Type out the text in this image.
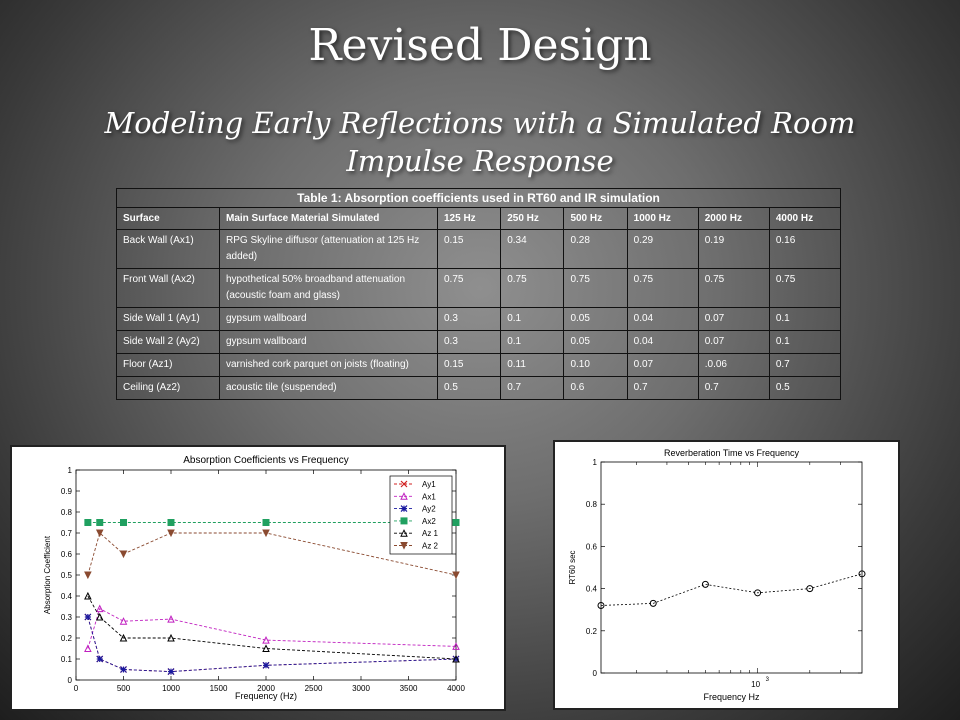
Revised Design
Modeling Early Reflections with a Simulated Room Impulse Response
Table 1: Absorption coefficients used in RT60 and IR simulation							
Surface	Main Surface Material Simulated	125 Hz	250 Hz	500 Hz	1000 Hz	2000 Hz	4000 Hz
Back Wall (Ax1)	RPG Skyline diffusor (attenuation at 125 Hz added)	0.15	0.34	0.28	0.29	0.19	0.16
Front Wall (Ax2)	hypothetical 50% broadband attenuation (acoustic foam and glass)	0.75	0.75	0.75	0.75	0.75	0.75
Side Wall 1 (Ay1)	gypsum wallboard	0.3	0.1	0.05	0.04	0.07	0.1
Side Wall 2 (Ay2)	gypsum wallboard	0.3	0.1	0.05	0.04	0.07	0.1
Floor (Az1)	varnished cork parquet on joists (floating)	0.15	0.11	0.10	0.07	.0.06	0.7
Ceiling (Az2)	acoustic tile (suspended)	0.5	0.7	0.6	0.7	0.7	0.5
Absorption Coefficients vs Frequency
0	500	1000	1500	2000	2500	3000	3500	4000
0
0.1
0.2
0.3
0.4
0.5
0.6
0.7
0.8
0.9
1
Frequency (Hz)
Absorption Coefficient
Ay1
Ax1
Ay2
Ax2
Az 1
Az 2
Reverberation Time vs Frequency
0
0.2
0.4
0.6
0.8
1
10 3
Frequency Hz
RT60 sec
